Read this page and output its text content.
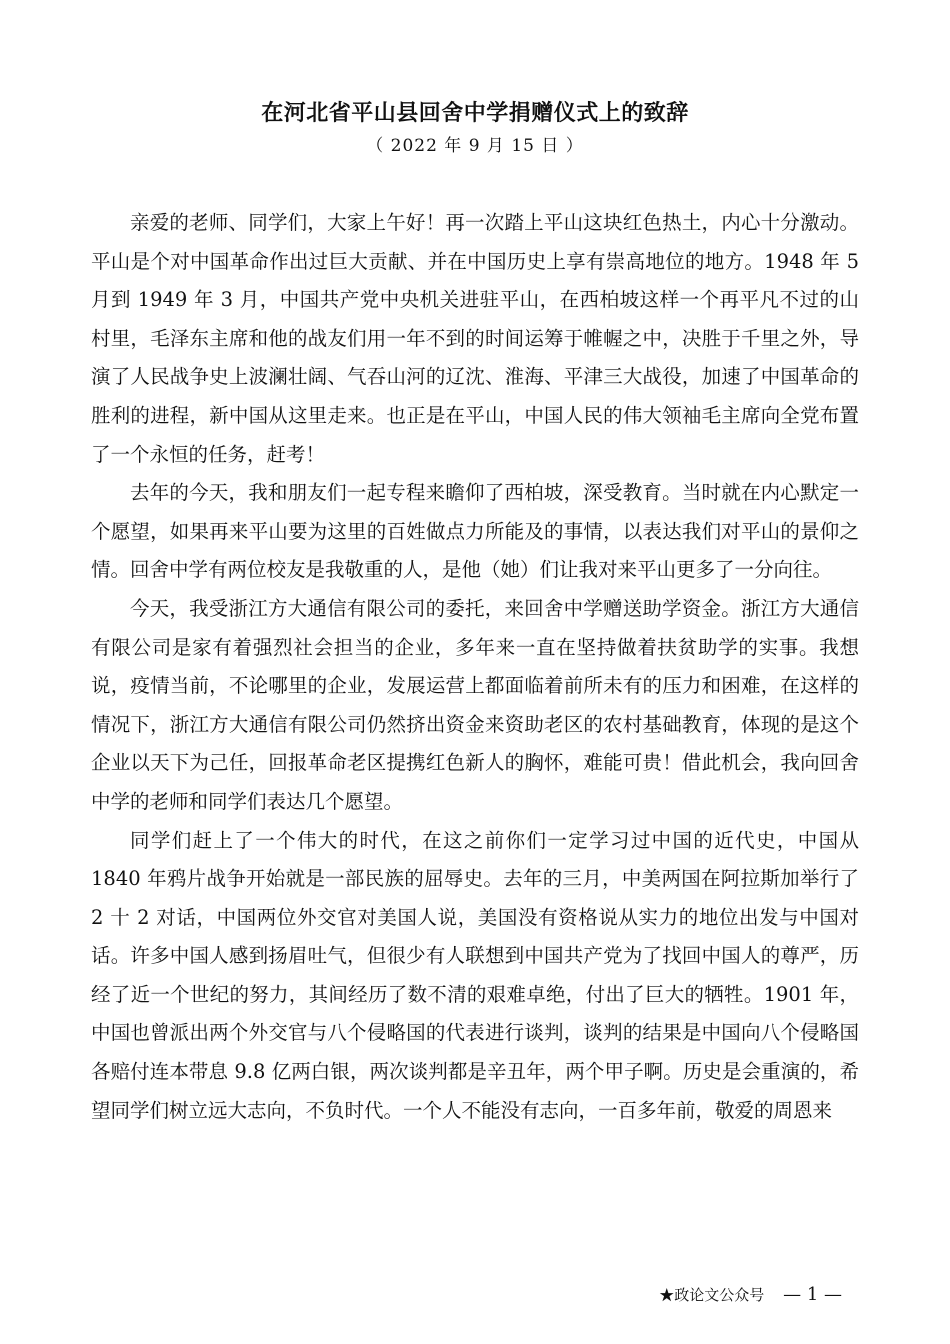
在河北省平山县回舍中学捐赠仪式上的致辞
（ 2022 年 9 月 15 日 ）

亲爱的老师、同学们，大家上午好！再一次踏上平山这块红色热土，内心十分激动。平山是个对中国革命作出过巨大贡献、并在中国历史上享有崇高地位的地方。1948 年 5 月到 1949 年 3 月，中国共产党中央机关进驻平山，在西柏坡这样一个再平凡不过的山村里，毛泽东主席和他的战友们用一年不到的时间运筹于帷幄之中，决胜于千里之外，导演了人民战争史上波澜壮阔、气吞山河的辽沈、淮海、平津三大战役，加速了中国革命的胜利的进程，新中国从这里走来。也正是在平山，中国人民的伟大领袖毛主席向全党布置了一个永恒的任务，赶考！

去年的今天，我和朋友们一起专程来瞻仰了西柏坡，深受教育。当时就在内心默定一个愿望，如果再来平山要为这里的百姓做点力所能及的事情，以表达我们对平山的景仰之情。回舍中学有两位校友是我敬重的人，是他（她）们让我对来平山更多了一分向往。

今天，我受浙江方大通信有限公司的委托，来回舍中学赠送助学资金。浙江方大通信有限公司是家有着强烈社会担当的企业，多年来一直在坚持做着扶贫助学的实事。我想说，疫情当前，不论哪里的企业，发展运营上都面临着前所未有的压力和困难，在这样的情况下，浙江方大通信有限公司仍然挤出资金来资助老区的农村基础教育，体现的是这个企业以天下为己任，回报革命老区提携红色新人的胸怀，难能可贵！借此机会，我向回舍中学的老师和同学们表达几个愿望。

同学们赶上了一个伟大的时代，在这之前你们一定学习过中国的近代史，中国从 1840 年鸦片战争开始就是一部民族的屈辱史。去年的三月，中美两国在阿拉斯加举行了 2 十 2 对话，中国两位外交官对美国人说，美国没有资格说从实力的地位出发与中国对话。许多中国人感到扬眉吐气，但很少有人联想到中国共产党为了找回中国人的尊严，历经了近一个世纪的努力，其间经历了数不清的艰难卓绝，付出了巨大的牺牲。1901 年，中国也曾派出两个外交官与八个侵略国的代表进行谈判，谈判的结果是中国向八个侵略国各赔付连本带息 9.8 亿两白银，两次谈判都是辛丑年，两个甲子啊。历史是会重演的，希望同学们树立远大志向，不负时代。一个人不能没有志向，一百多年前，敬爱的周恩来

★政论文公众号 — 1 —
